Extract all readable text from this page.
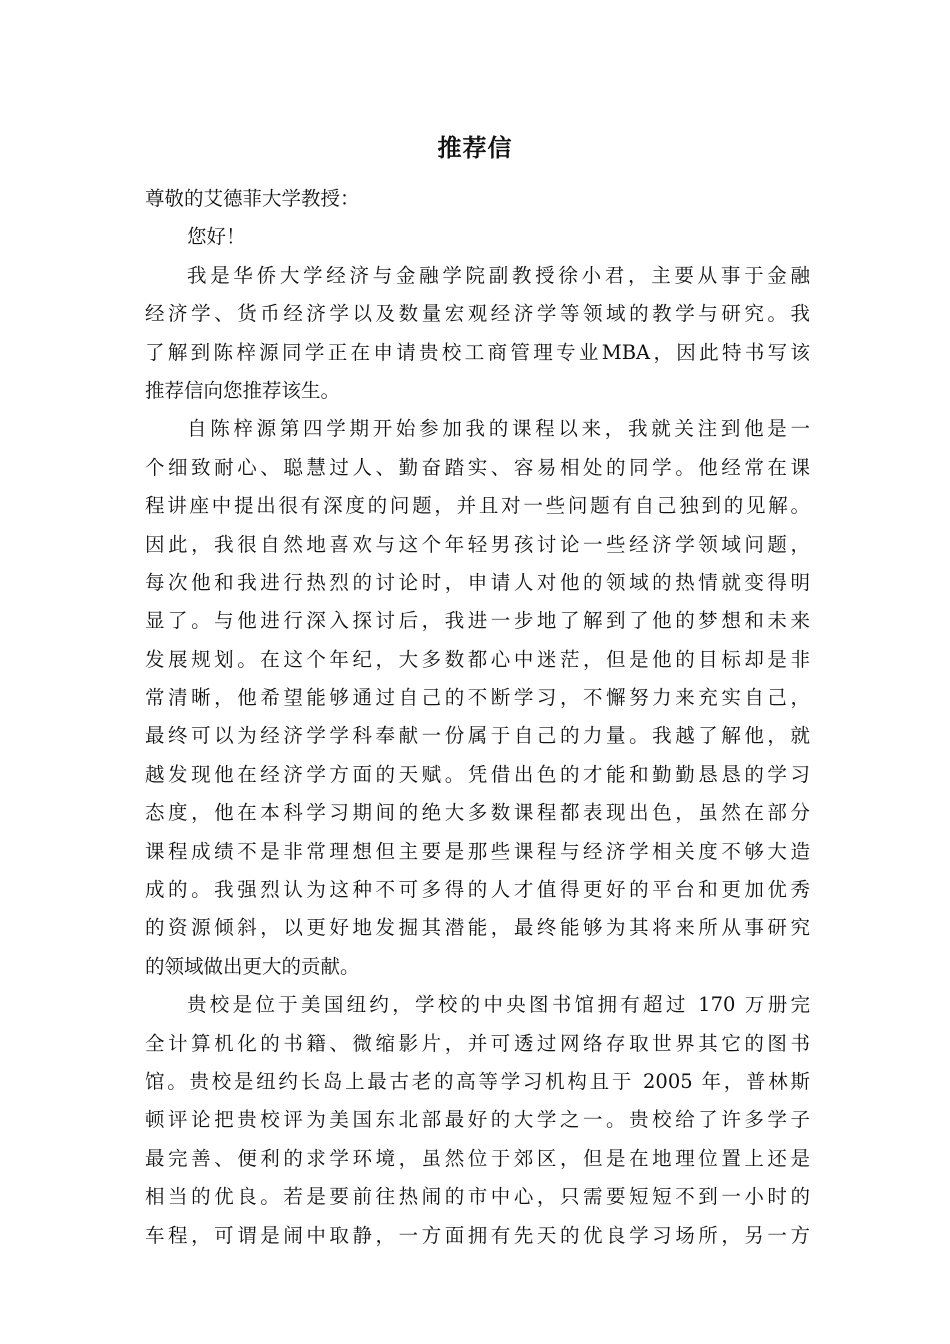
推荐信
尊敬的艾德菲大学教授：
您好！
我是华侨大学经济与金融学院副教授徐小君，主要从事于金融
经济学、货币经济学以及数量宏观经济学等领域的教学与研究。我
了解到陈梓源同学正在申请贵校工商管理专业MBA，因此特书写该
推荐信向您推荐该生。
自陈梓源第四学期开始参加我的课程以来，我就关注到他是一
个细致耐心、聪慧过人、勤奋踏实、容易相处的同学。他经常在课
程讲座中提出很有深度的问题，并且对一些问题有自己独到的见解。
因此，我很自然地喜欢与这个年轻男孩讨论一些经济学领域问题，
每次他和我进行热烈的讨论时，申请人对他的领域的热情就变得明
显了。与他进行深入探讨后，我进一步地了解到了他的梦想和未来
发展规划。在这个年纪，大多数都心中迷茫，但是他的目标却是非
常清晰，他希望能够通过自己的不断学习，不懈努力来充实自己，
最终可以为经济学学科奉献一份属于自己的力量。我越了解他，就
越发现他在经济学方面的天赋。凭借出色的才能和勤勤恳恳的学习
态度，他在本科学习期间的绝大多数课程都表现出色，虽然在部分
课程成绩不是非常理想但主要是那些课程与经济学相关度不够大造
成的。我强烈认为这种不可多得的人才值得更好的平台和更加优秀
的资源倾斜，以更好地发掘其潜能，最终能够为其将来所从事研究
的领域做出更大的贡献。
贵校是位于美国纽约，学校的中央图书馆拥有超过 170 万册完
全计算机化的书籍、微缩影片，并可透过网络存取世界其它的图书
馆。贵校是纽约长岛上最古老的高等学习机构且于 2005 年，普林斯
顿评论把贵校评为美国东北部最好的大学之一。贵校给了许多学子
最完善、便利的求学环境，虽然位于郊区，但是在地理位置上还是
相当的优良。若是要前往热闹的市中心，只需要短短不到一小时的
车程，可谓是闹中取静，一方面拥有先天的优良学习场所，另一方
